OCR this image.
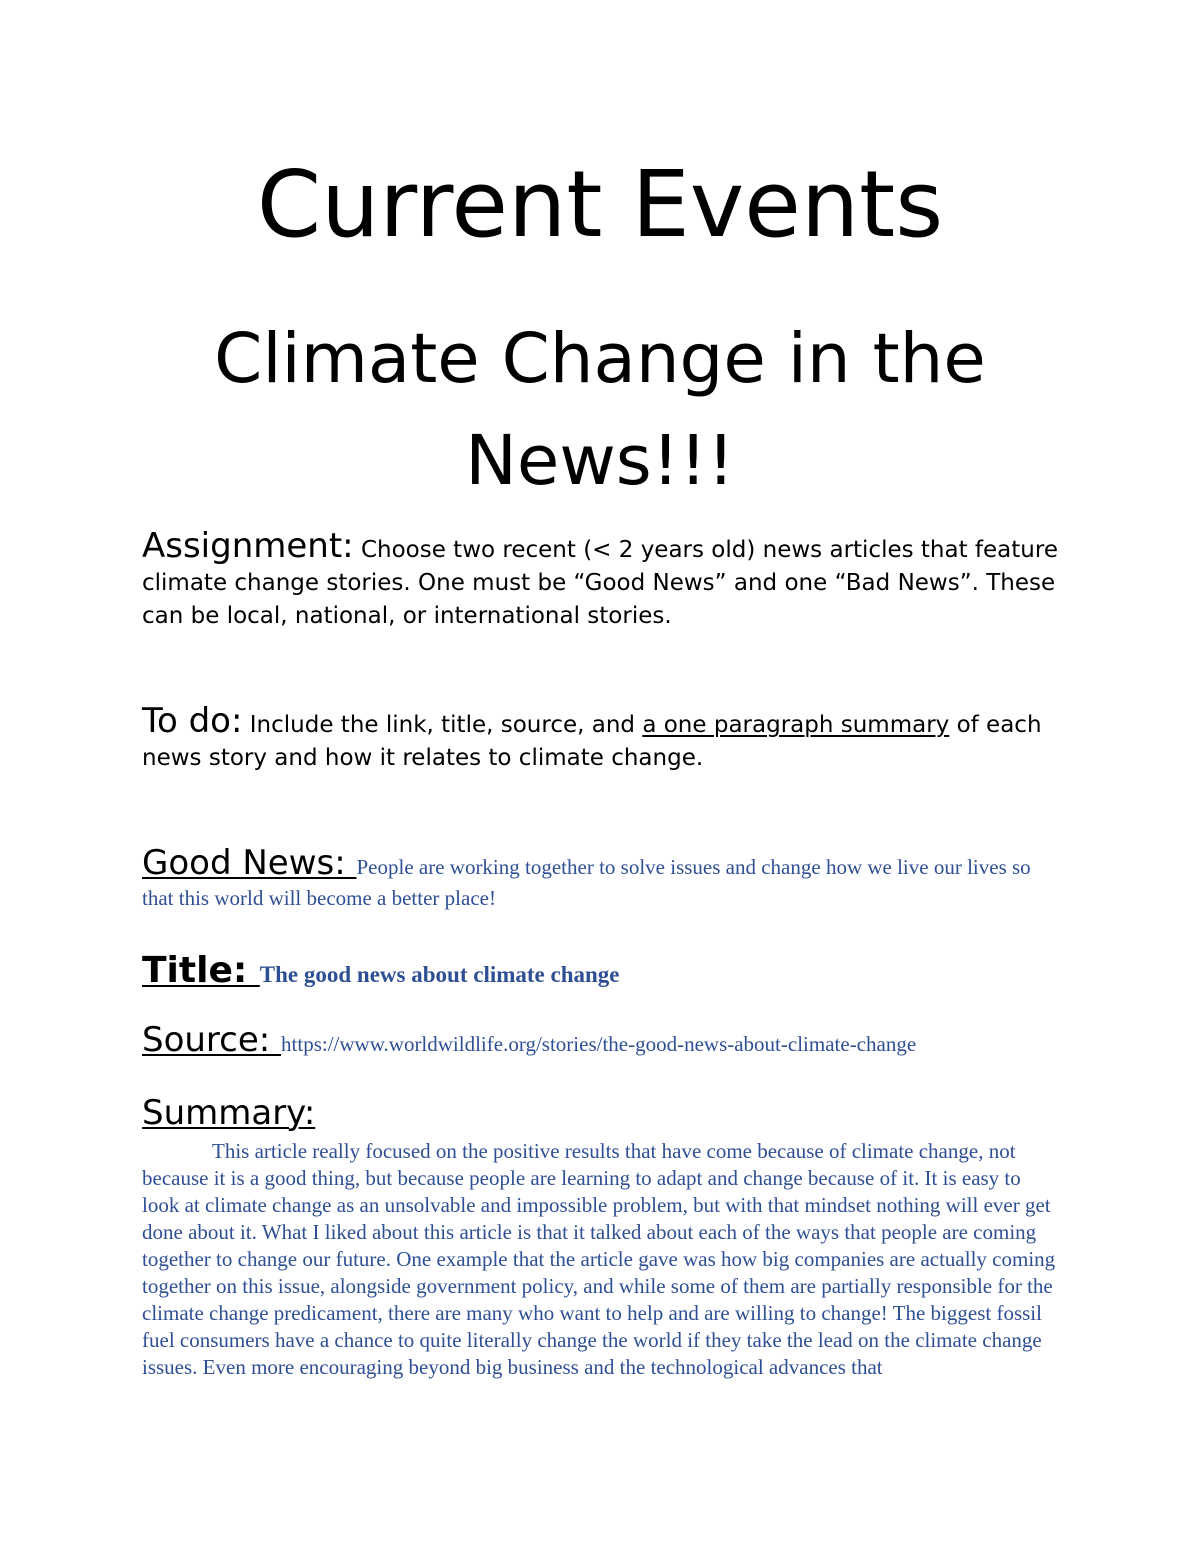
Current Events
Climate Change in the News!!!

Assignment: Choose two recent (< 2 years old) news articles that feature climate change stories. One must be “Good News” and one “Bad News”. These can be local, national, or international stories.

To do: Include the link, title, source, and a one paragraph summary of each news story and how it relates to climate change.

Good News: People are working together to solve issues and change how we live our lives so that this world will become a better place!

Title: The good news about climate change

Source: https://www.worldwildlife.org/stories/the-good-news-about-climate-change

Summary:

This article really focused on the positive results that have come because of climate change, not because it is a good thing, but because people are learning to adapt and change because of it. It is easy to look at climate change as an unsolvable and impossible problem, but with that mindset nothing will ever get done about it. What I liked about this article is that it talked about each of the ways that people are coming together to change our future. One example that the article gave was how big companies are actually coming together on this issue, alongside government policy, and while some of them are partially responsible for the climate change predicament, there are many who want to help and are willing to change! The biggest fossil fuel consumers have a chance to quite literally change the world if they take the lead on the climate change issues. Even more encouraging beyond big business and the technological advances that
